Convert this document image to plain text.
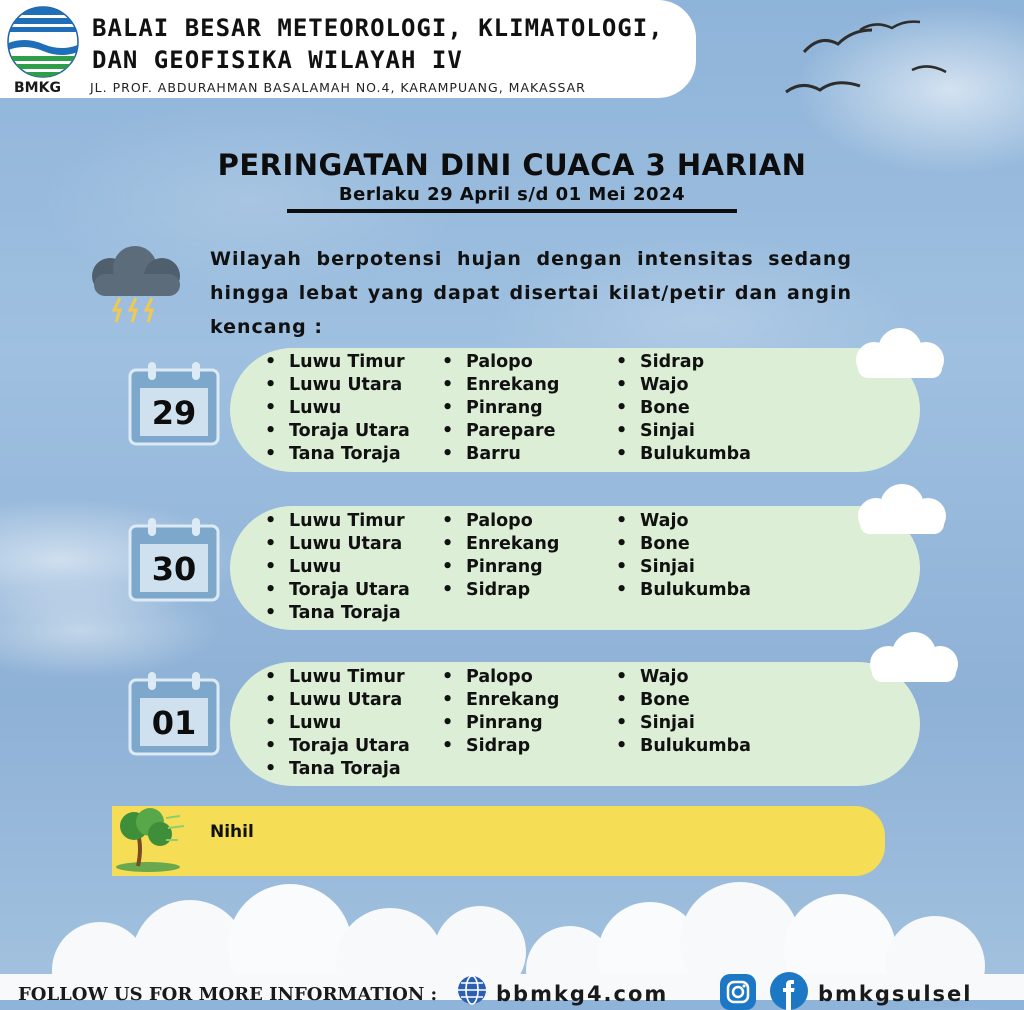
BMKG
BALAI BESAR METEOROLOGI, KLIMATOLOGI,
DAN GEOFISIKA WILAYAH IV
JL. PROF. ABDURAHMAN BASALAMAH NO.4, KARAMPUANG, MAKASSAR
PERINGATAN DINI CUACA 3 HARIAN
Berlaku 29 April s/d 01 Mei 2024
Wilayah berpotensi hujan dengan intensitas sedang hingga lebat yang dapat disertai kilat/petir dan angin kencang :
29
• Luwu Timur
• Luwu Utara
• Luwu
• Toraja Utara
• Tana Toraja
• Palopo
• Enrekang
• Pinrang
• Parepare
• Barru
• Sidrap
• Wajo
• Bone
• Sinjai
• Bulukumba
30
• Luwu Timur
• Luwu Utara
• Luwu
• Toraja Utara
• Tana Toraja
• Palopo
• Enrekang
• Pinrang
• Sidrap
• Wajo
• Bone
• Sinjai
• Bulukumba
01
• Luwu Timur
• Luwu Utara
• Luwu
• Toraja Utara
• Tana Toraja
• Palopo
• Enrekang
• Pinrang
• Sidrap
• Wajo
• Bone
• Sinjai
• Bulukumba
Nihil
FOLLOW US FOR MORE INFORMATION :	bbmkg4.com	bmkgsulsel
